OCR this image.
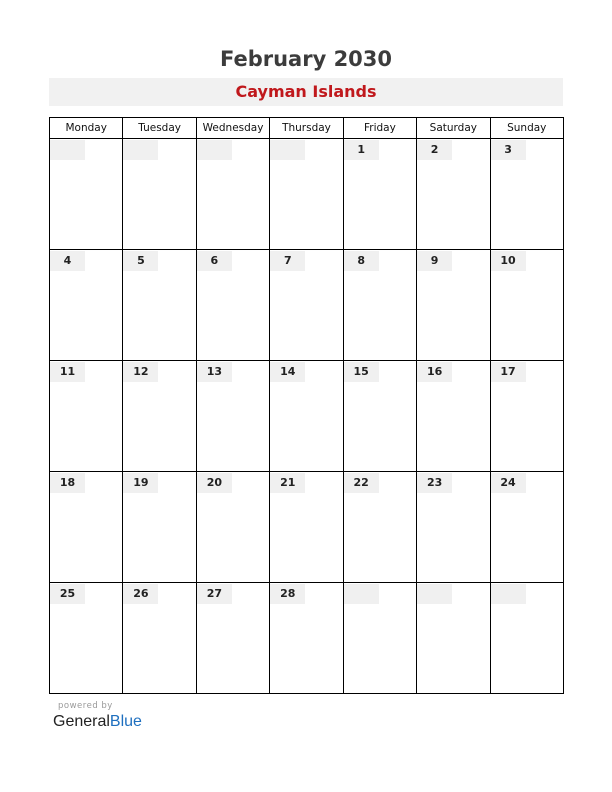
February 2030
Cayman Islands
Monday	Tuesday	Wednesday	Thursday	Friday	Saturday	Sunday

				1	2	3

4	5	6	7	8	9	10

11	12	13	14	15	16	17

18	19	20	21	22	23	24

25	26	27	28			

powered by
GeneralBlue
